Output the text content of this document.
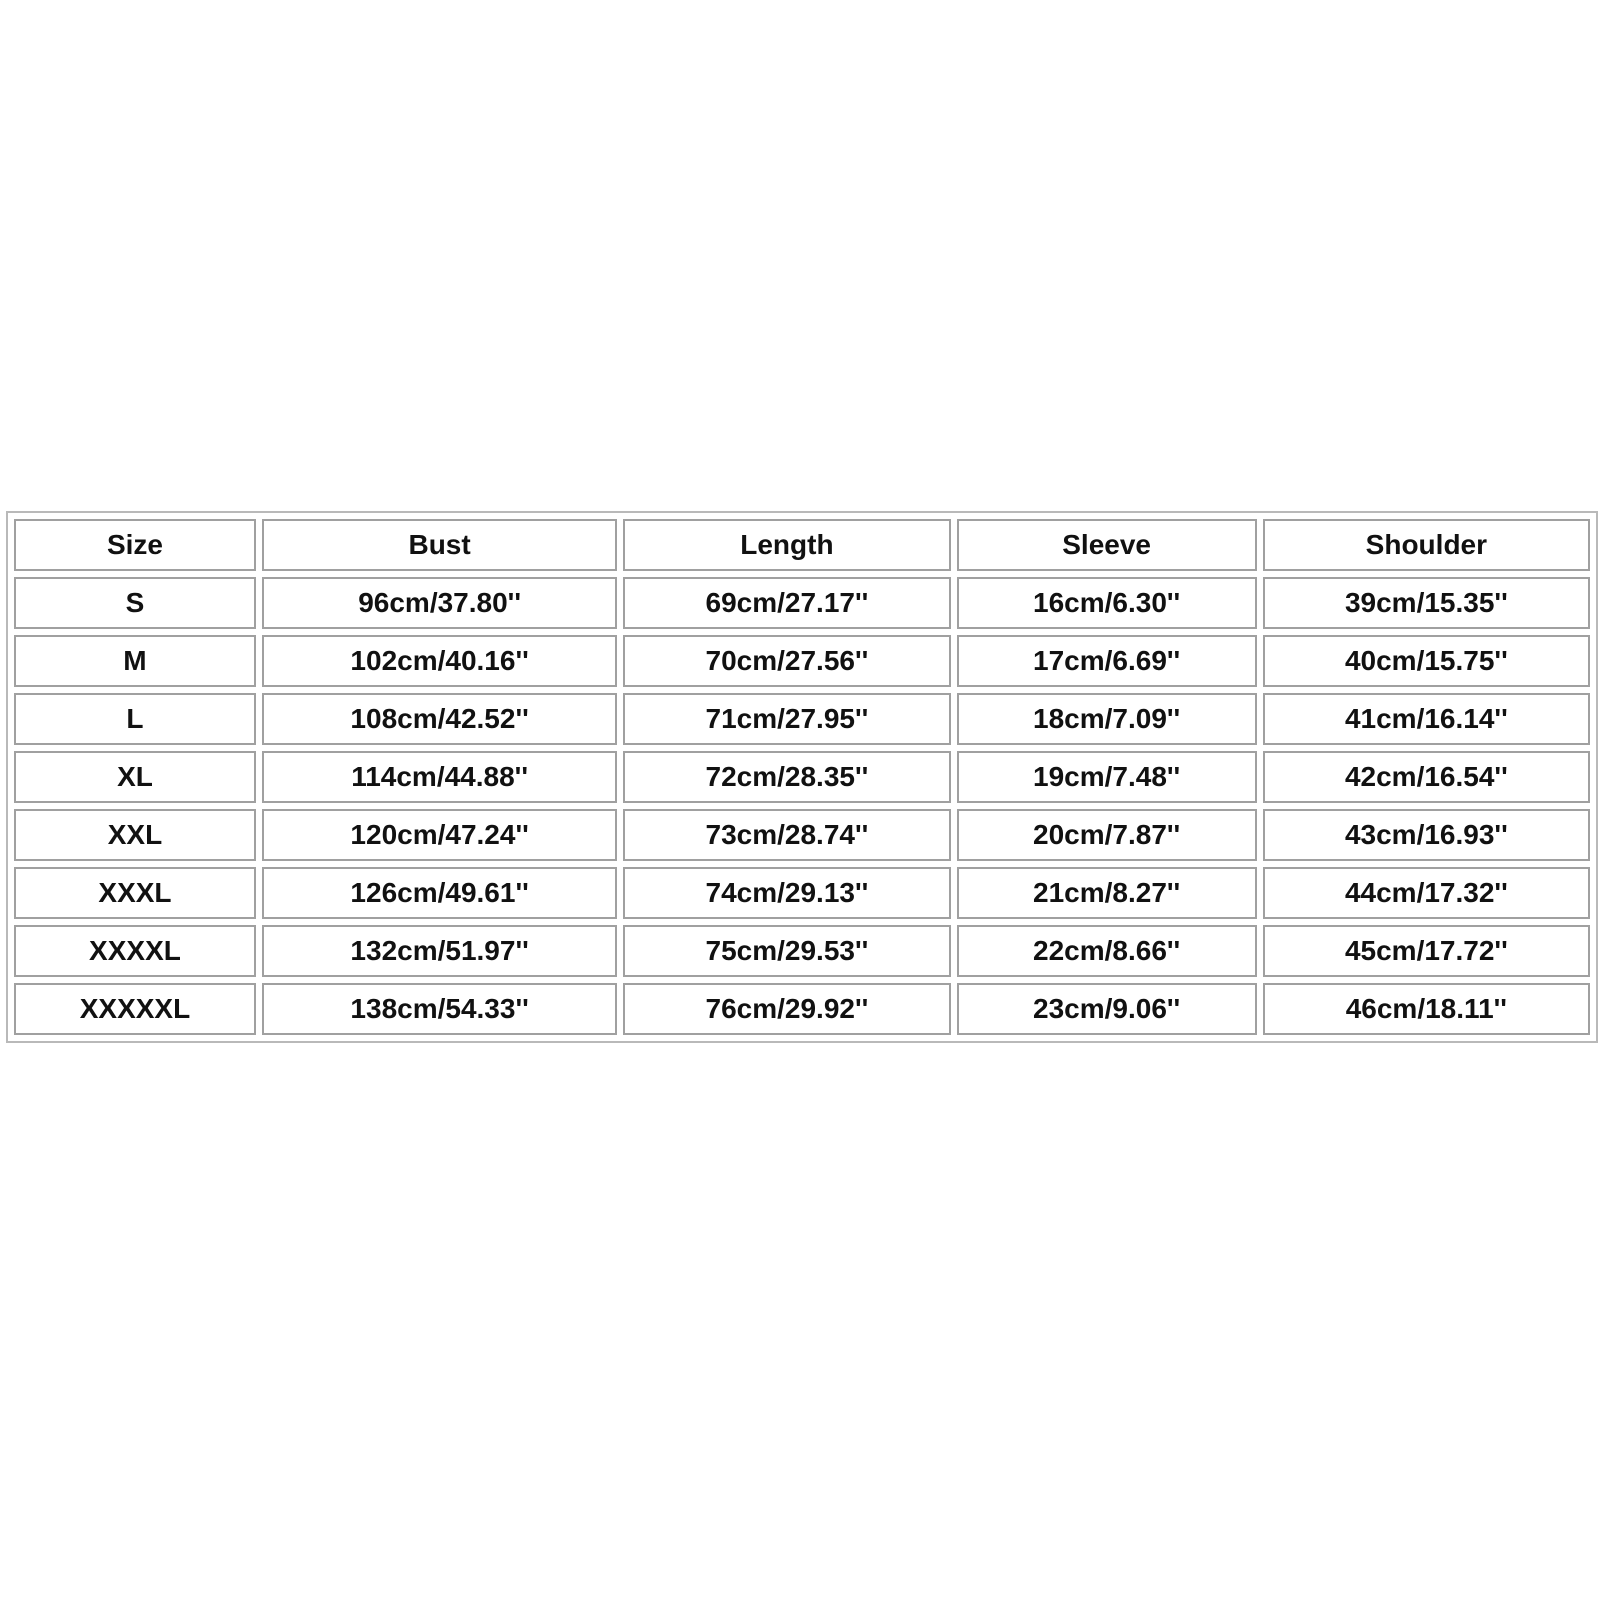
Size	Bust	Length	Sleeve	Shoulder
S	96cm/37.80''	69cm/27.17''	16cm/6.30''	39cm/15.35''
M	102cm/40.16''	70cm/27.56''	17cm/6.69''	40cm/15.75''
L	108cm/42.52''	71cm/27.95''	18cm/7.09''	41cm/16.14''
XL	114cm/44.88''	72cm/28.35''	19cm/7.48''	42cm/16.54''
XXL	120cm/47.24''	73cm/28.74''	20cm/7.87''	43cm/16.93''
XXXL	126cm/49.61''	74cm/29.13''	21cm/8.27''	44cm/17.32''
XXXXL	132cm/51.97''	75cm/29.53''	22cm/8.66''	45cm/17.72''
XXXXXL	138cm/54.33''	76cm/29.92''	23cm/9.06''	46cm/18.11''
